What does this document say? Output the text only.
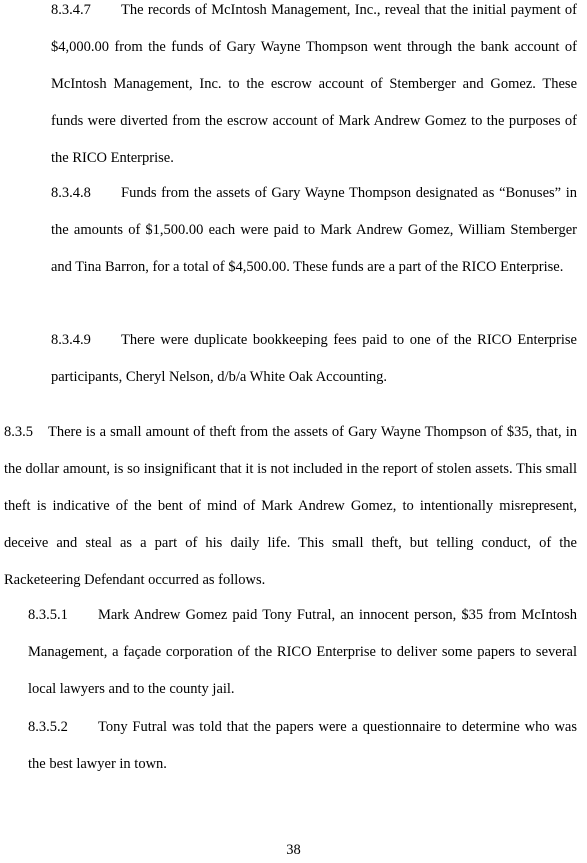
8.3.4.7 The records of McIntosh Management, Inc., reveal that the initial payment of $4,000.00 from the funds of Gary Wayne Thompson went through the bank account of McIntosh Management, Inc. to the escrow account of Stemberger and Gomez. These funds were diverted from the escrow account of Mark Andrew Gomez to the purposes of the RICO Enterprise.

8.3.4.8 Funds from the assets of Gary Wayne Thompson designated as “Bonuses” in the amounts of $1,500.00 each were paid to Mark Andrew Gomez, William Stemberger and Tina Barron, for a total of $4,500.00. These funds are a part of the RICO Enterprise.

8.3.4.9 There were duplicate bookkeeping fees paid to one of the RICO Enterprise participants, Cheryl Nelson, d/b/a White Oak Accounting.

8.3.5 There is a small amount of theft from the assets of Gary Wayne Thompson of $35, that, in the dollar amount, is so insignificant that it is not included in the report of stolen assets. This small theft is indicative of the bent of mind of Mark Andrew Gomez, to intentionally misrepresent, deceive and steal as a part of his daily life. This small theft, but telling conduct, of the Racketeering Defendant occurred as follows.

8.3.5.1 Mark Andrew Gomez paid Tony Futral, an innocent person, $35 from McIntosh Management, a façade corporation of the RICO Enterprise to deliver some papers to several local lawyers and to the county jail.

8.3.5.2 Tony Futral was told that the papers were a questionnaire to determine who was the best lawyer in town.

38
